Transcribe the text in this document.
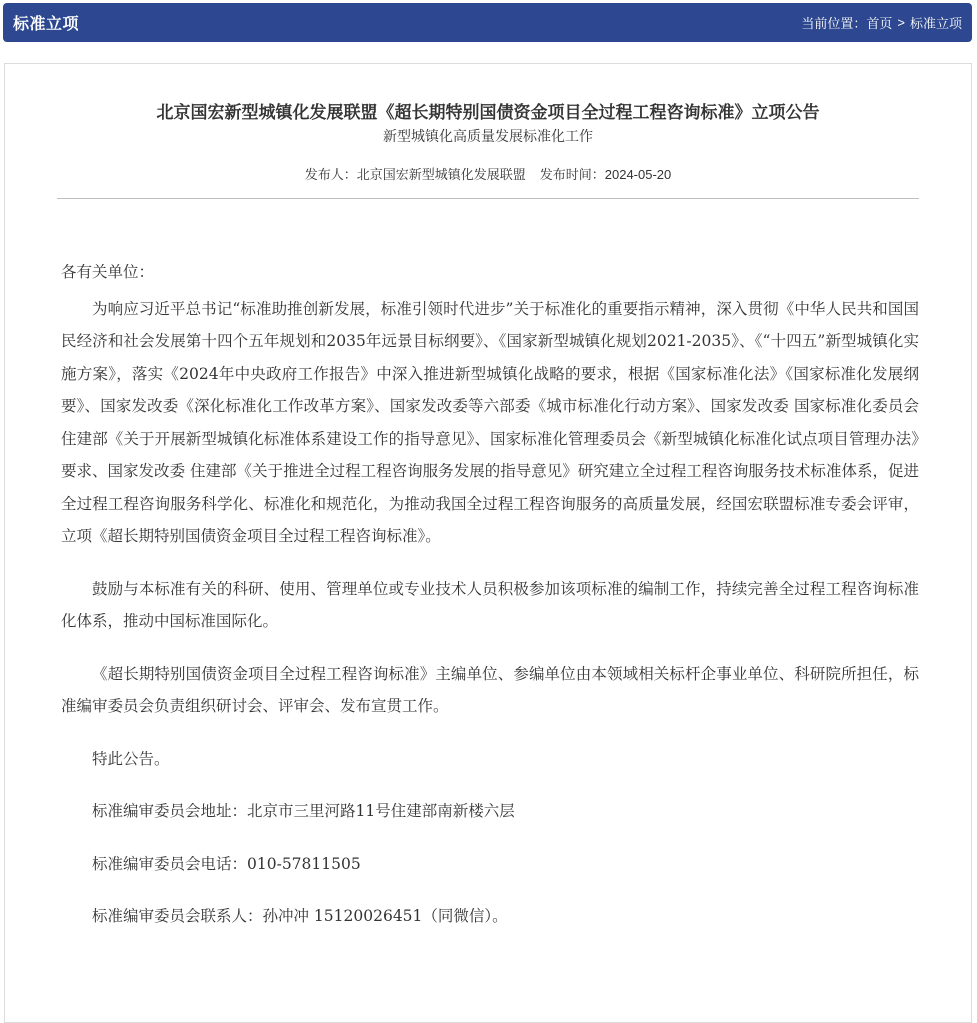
标准立项	当前位置： 首页 > 标准立项
北京国宏新型城镇化发展联盟《超长期特别国债资金项目全过程工程咨询标准》立项公告
新型城镇化高质量发展标准化工作
发布人：北京国宏新型城镇化发展联盟 发布时间：2024-05-20

各有关单位：

为响应习近平总书记“标准助推创新发展，标准引领时代进步”关于标准化的重要指示精神，深入贯彻《中华人民共和国国民经济和社会发展第十四个五年规划和2035年远景目标纲要》、《国家新型城镇化规划2021-2035》、《“十四五”新型城镇化实施方案》，落实《2024年中央政府工作报告》中深入推进新型城镇化战略的要求，根据《国家标准化法》《国家标准化发展纲要》、国家发改委《深化标准化工作改革方案》、国家发改委等六部委《城市标准化行动方案》、国家发改委 国家标准化委员会 住建部《关于开展新型城镇化标准体系建设工作的指导意见》、国家标准化管理委员会《新型城镇化标准化试点项目管理办法》要求、国家发改委 住建部《关于推进全过程工程咨询服务发展的指导意见》研究建立全过程工程咨询服务技术标准体系，促进全过程工程咨询服务科学化、标准化和规范化，为推动我国全过程工程咨询服务的高质量发展，经国宏联盟标准专委会评审，立项《超长期特别国债资金项目全过程工程咨询标准》。

鼓励与本标准有关的科研、使用、管理单位或专业技术人员积极参加该项标准的编制工作，持续完善全过程工程咨询标准化体系，推动中国标准国际化。

《超长期特别国债资金项目全过程工程咨询标准》主编单位、参编单位由本领域相关标杆企事业单位、科研院所担任，标准编审委员会负责组织研讨会、评审会、发布宣贯工作。

特此公告。

标准编审委员会地址：北京市三里河路11号住建部南新楼六层

标准编审委员会电话：010-57811505

标准编审委员会联系人：孙冲冲 15120026451（同微信）。
